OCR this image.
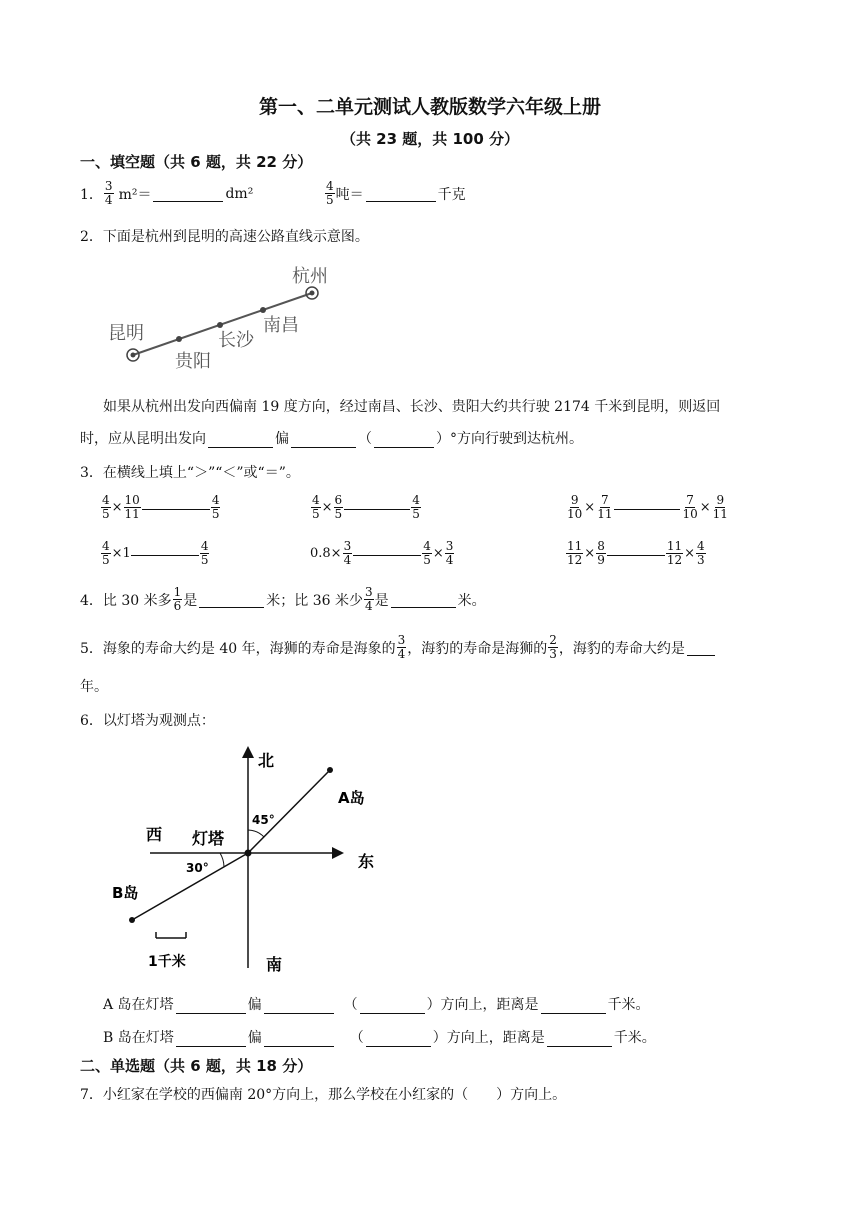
第一、二单元测试人教版数学六年级上册
（共 23 题，共 100 分）
一、填空题（共 6 题，共 22 分）
1． $\frac{3}{4} m^2=$	dm²	$\frac{4}{5}$ 吨＝	千克
2．下面是杭州到昆明的高速公路直线示意图。
杭州
南昌
长沙
贵阳
昆明
如果从杭州出发向西偏南 19 度方向，经过南昌、长沙、贵阳大约共行驶 2174 千米到昆明，则返回
时，应从昆明出发向	偏	（	）°方向行驶到达杭州。
3．在横线上填上“＞”“＜”或“＝”。
$\frac{4}{5} \times \frac{10}{11}$	$\frac{4}{5}$	$\frac{4}{5} \times \frac{6}{5}$	$\frac{4}{5}$	$\frac{9}{10} \times \frac{7}{11}$	$\frac{7}{10} \times \frac{9}{11}$
$\frac{4}{5} \times 1$	$\frac{4}{5}$	$0.8\times \frac{3}{4}$	$\frac{4}{5} \times \frac{3}{4}$	$\frac{11}{12} \times \frac{8}{9}$	$\frac{11}{12} \times \frac{4}{3}$
4． 比 30 米多 $\frac{1}{6}$ 是	米；比 36 米少 $\frac{3}{4}$ 是	米。
5． 海象的寿命大约是 40 年，海狮的寿命是海象的 $\frac{3}{4}$ ，海豹的寿命是海狮的 $\frac{2}{3}$ ，海豹的寿命大约是
年。
6．以灯塔为观测点：
北
南
东
西 灯塔
A岛
B岛
45°
30°
1千米
A 岛在灯塔	偏	（	）方向上，距离是	千米。
B 岛在灯塔	偏	（	）方向上，距离是	千米。
二、单选题（共 6 题，共 18 分）
7．小红家在学校的西偏南 20°方向上，那么学校在小红家的（　　）方向上。
